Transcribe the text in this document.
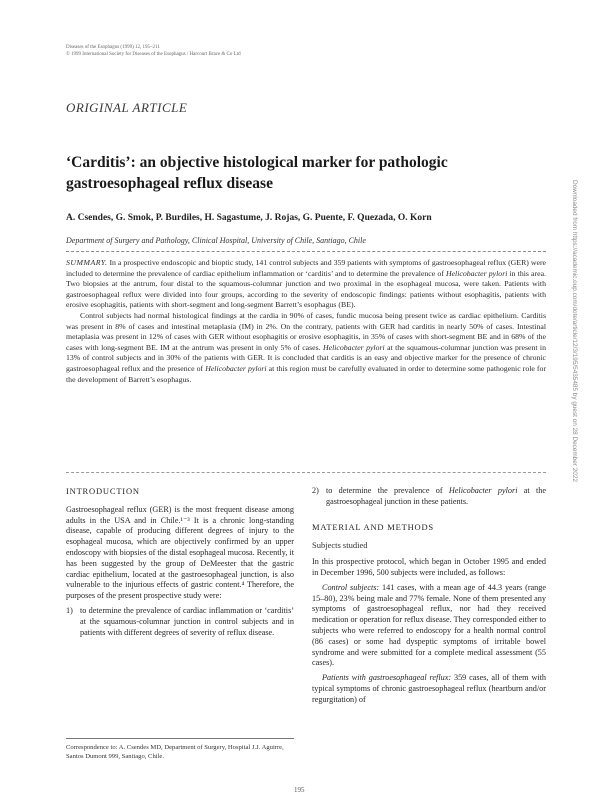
Diseases of the Esophagus (1999) 12, 195–211
© 1999 International Society for Diseases of the Esophagus / Harcourt Brace & Co Ltd
ORIGINAL ARTICLE
‘Carditis’: an objective histological marker for pathologic gastroesophageal reflux disease
A. Csendes, G. Smok, P. Burdiles, H. Sagastume, J. Rojas, G. Puente, F. Quezada, O. Korn
Department of Surgery and Pathology, Clinical Hospital, University of Chile, Santiago, Chile

SUMMARY. In a prospective endoscopic and bioptic study, 141 control subjects and 359 patients with symptoms of gastroesophageal reflux (GER) were included to determine the prevalence of cardiac epithelium inflammation or ‘carditis’ and to determine the prevalence of Helicobacter pylori in this area. Two biopsies at the antrum, four distal to the squamous-columnar junction and two proximal in the esophageal mucosa, were taken. Patients with gastroesophageal reflux were divided into four groups, according to the severity of endoscopic findings: patients without esophagitis, patients with erosive esophagitis, patients with short-segment and long-segment Barrett’s esophagus (BE).

Control subjects had normal histological findings at the cardia in 90% of cases, fundic mucosa being present twice as cardiac epithelium. Carditis was present in 8% of cases and intestinal metaplasia (IM) in 2%. On the contrary, patients with GER had carditis in nearly 50% of cases. Intestinal metaplasia was present in 12% of cases with GER without esophagitis or erosive esophagitis, in 35% of cases with short-segment BE and in 68% of the cases with long-segment BE. IM at the antrum was present in only 5% of cases. Helicobacter pylori at the squamous-columnar junction was present in 13% of control subjects and in 30% of the patients with GER. It is concluded that carditis is an easy and objective marker for the presence of chronic gastroesophageal reflux and the presence of Helicobacter pylori at this region must be carefully evaluated in order to determine some pathogenic role for the development of Barrett’s esophagus.

INTRODUCTION

Gastroesophageal reflux (GER) is the most frequent disease among adults in the USA and in Chile.¹⁻³ It is a chronic long-standing disease, capable of producing different degrees of injury to the esophageal mucosa, which are objectively confirmed by an upper endoscopy with biopsies of the distal esophageal mucosa. Recently, it has been suggested by the group of DeMeester that the gastric cardiac epithelium, located at the gastroesophageal junction, is also vulnerable to the injurious effects of gastric content.⁴ Therefore, the purposes of the present prospective study were:

1) to determine the prevalence of cardiac inflammation or ‘carditis’ at the squamous-columnar junction in control subjects and in patients with different degrees of severity of reflux disease.
2) to determine the prevalence of Helicobacter pylori at the gastroesophageal junction in these patients.
MATERIAL AND METHODS
Subjects studied

In this prospective protocol, which began in October 1995 and ended in December 1996, 500 subjects were included, as follows:

Control subjects: 141 cases, with a mean age of 44.3 years (range 15–80), 23% being male and 77% female. None of them presented any symptoms of gastroesophageal reflux, nor had they received medication or operation for reflux disease. They corresponded either to subjects who were referred to endoscopy for a health normal control (86 cases) or some had dyspeptic symptoms of irritable bowel syndrome and were submitted for a complete medical assessment (55 cases).

Patients with gastroesophageal reflux: 359 cases, all of them with typical symptoms of chronic gastroesophageal reflux (heartburn and/or regurgitation) of

Correspondence to: A. Csendes MD, Department of Surgery, Hospital J.J. Aguirre, Santos Dumont 999, Santiago, Chile.
195
Downloaded from https://academic.oup.com/dote/article/12/3/195/5435485 by guest on 28 December 2022
